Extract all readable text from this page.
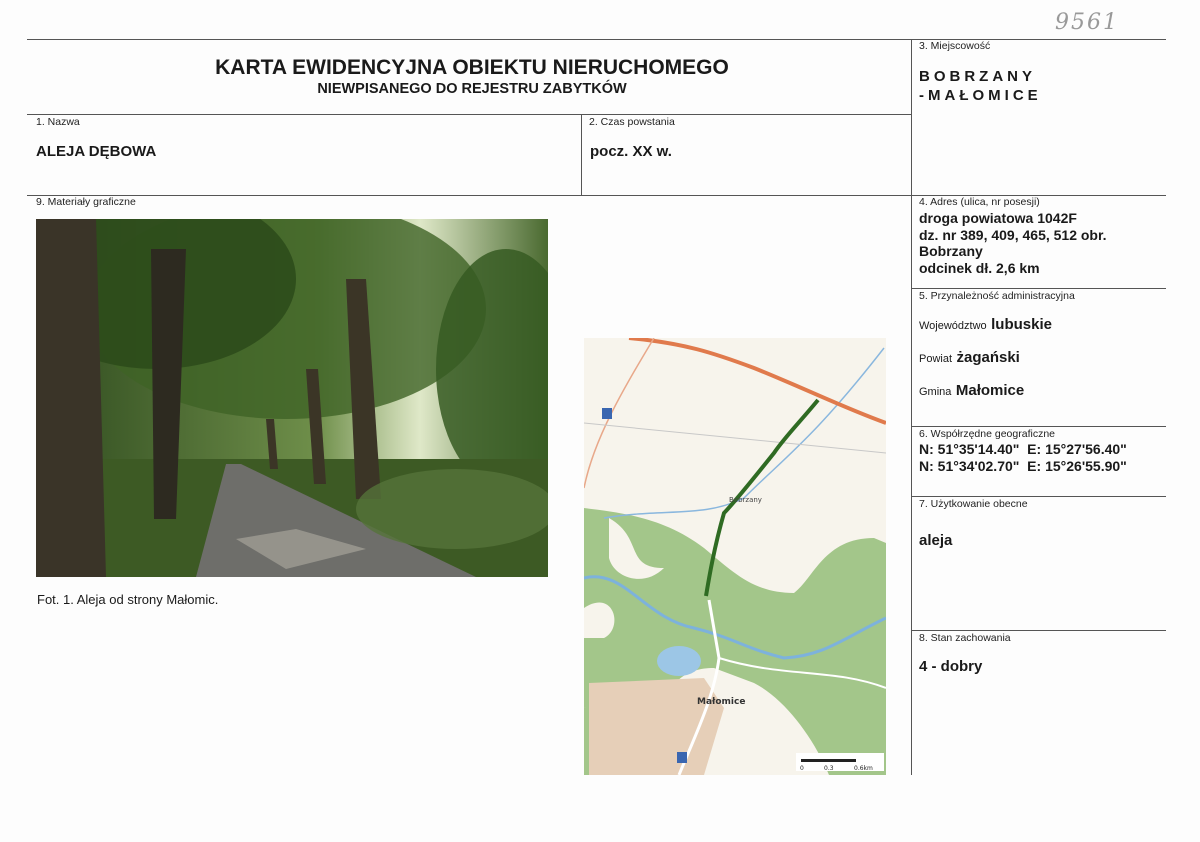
9561
KARTA EWIDENCYJNA OBIEKTU NIERUCHOMEGO
NIEWPISANEGO DO REJESTRU ZABYTKÓW
1. Nazwa
ALEJA DĘBOWA
2. Czas powstania
pocz. XX w.
3. Miejscowość
BOBRZANY
-MAŁOMICE
4. Adres (ulica, nr posesji)
droga powiatowa 1042F
dz. nr 389, 409, 465, 512 obr.
Bobrzany
odcinek dł. 2,6 km
5. Przynależność administracyjna
Województwo lubuskie
Powiat żagański
Gmina Małomice
6. Współrzędne geograficzne
N: 51°35'14.40"  E: 15°27'56.40"
N: 51°34'02.70"  E: 15°26'55.90"
7. Użytkowanie obecne
aleja
8. Stan zachowania
4 - dobry
9. Materiały graficzne
Fot. 1. Aleja od strony Małomic.
Bobrzany
Małomice
0	0.3	0.6km
